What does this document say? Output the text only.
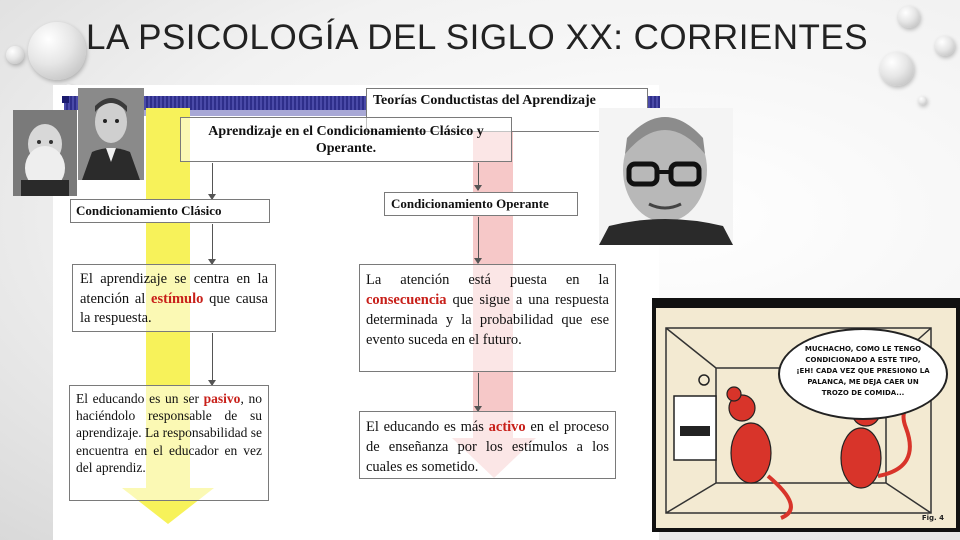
LA PSICOLOGÍA DEL SIGLO XX: CORRIENTES
Teorías Conductistas del Aprendizaje
Aprendizaje en el Condicionamiento Clásico y Operante.
Condicionamiento Clásico	Condicionamiento Operante
El aprendizaje se centra en la atención al estímulo que causa la respuesta.
La atención está puesta en la consecuencia que sigue a una respuesta determinada y la probabilidad que ese evento suceda en el futuro.
El educando es un ser pasivo, no haciéndolo responsable de su aprendizaje. La responsabilidad se encuentra en el educador en vez del aprendiz.
El educando es más activo en el proceso de enseñanza por los estímulos a los cuales es sometido.
MUCHACHO, COMO LE TENGO CONDICIONADO A ESTE TIPO, ¡EH! CADA VEZ QUE PRESIONO LA PALANCA, ME DEJA CAER UN TROZO DE COMIDA...
Fig. 4
